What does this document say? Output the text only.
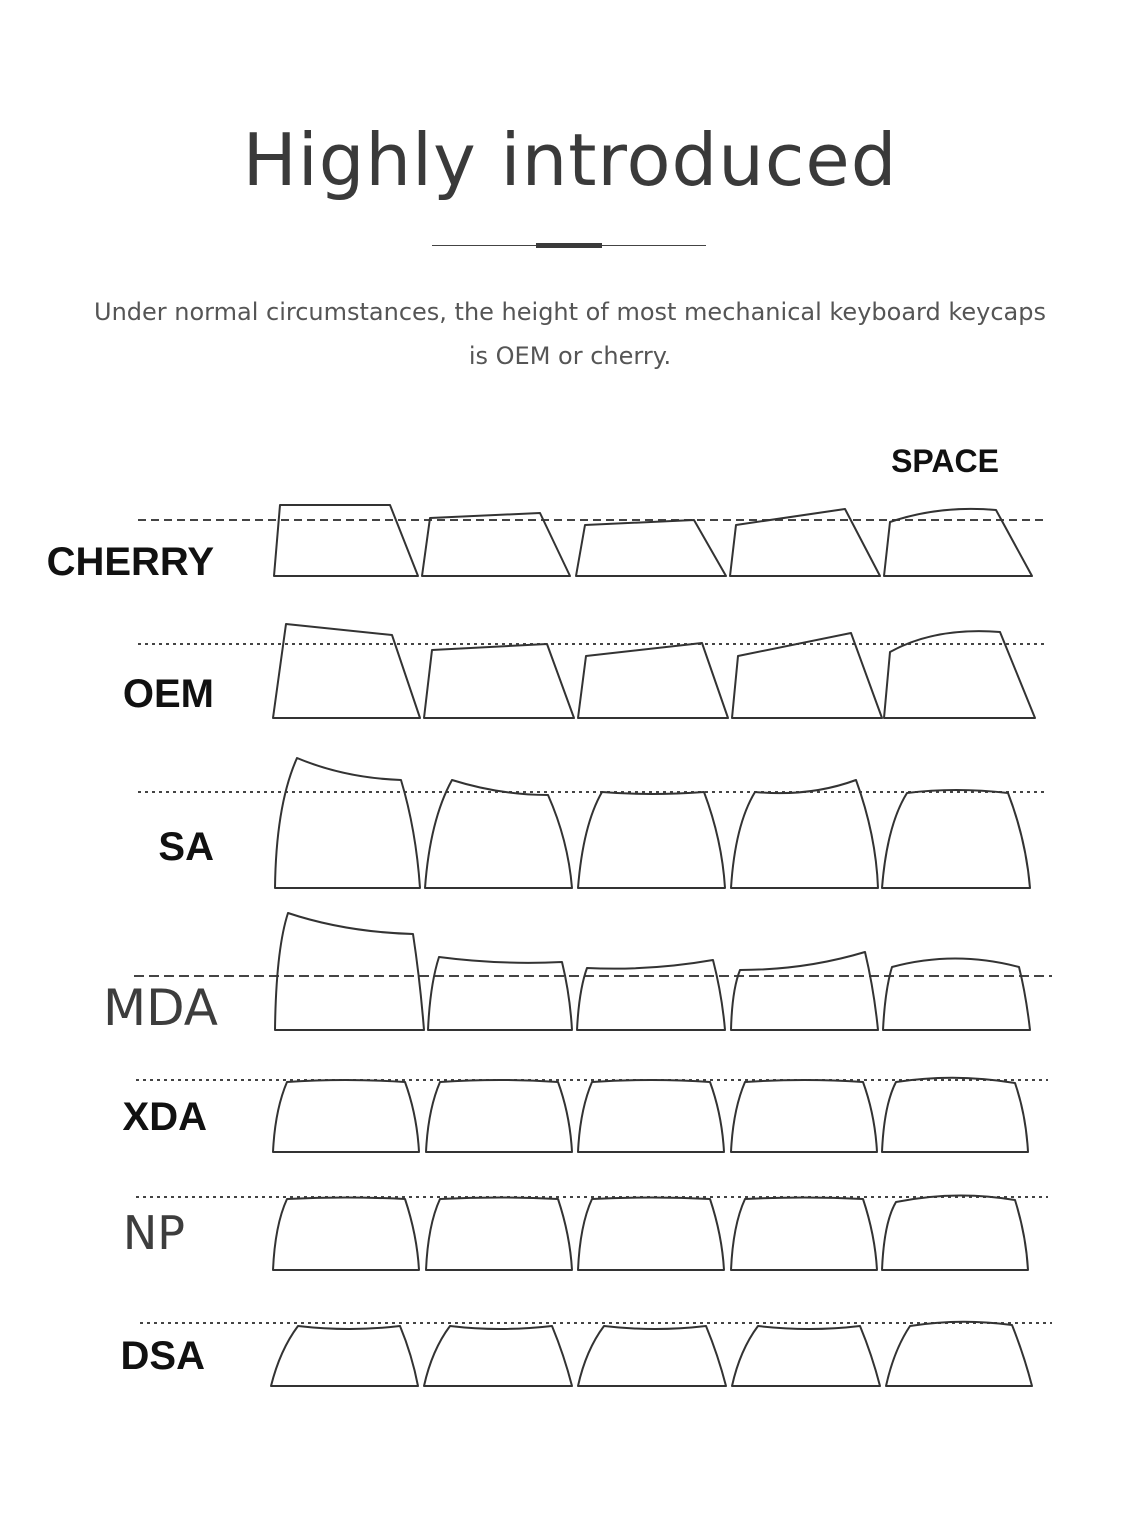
Highly introduced
Under normal circumstances, the height of most mechanical keyboard keycaps is OEM or cherry.
SPACE
CHERRY
OEM
SA
MDA
XDA
NP
DSA
